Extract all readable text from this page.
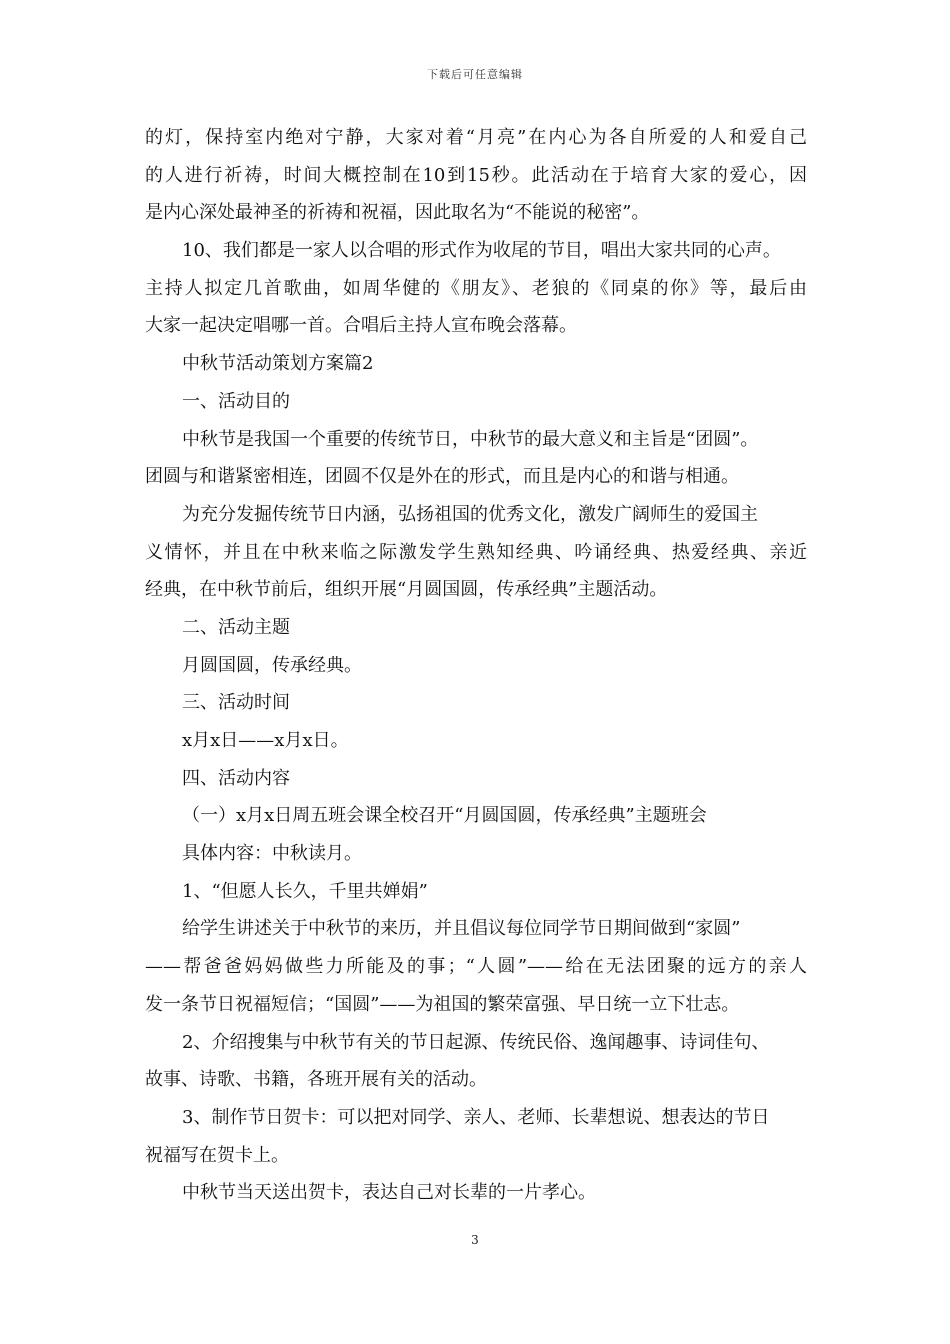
下载后可任意编辑
的灯，保持室内绝对宁静，大家对着“月亮”在内心为各自所爱的人和爱自己
的人进行祈祷，时间大概控制在10到15秒。此活动在于培育大家的爱心，因
是内心深处最神圣的祈祷和祝福，因此取名为“不能说的秘密”。
10、我们都是一家人以合唱的形式作为收尾的节目，唱出大家共同的心声。
主持人拟定几首歌曲，如周华健的《朋友》、老狼的《同桌的你》等，最后由
大家一起决定唱哪一首。合唱后主持人宣布晚会落幕。
中秋节活动策划方案篇2
一、活动目的
中秋节是我国一个重要的传统节日，中秋节的最大意义和主旨是“团圆”。
团圆与和谐紧密相连，团圆不仅是外在的形式，而且是内心的和谐与相通。
为充分发掘传统节日内涵，弘扬祖国的优秀文化，激发广阔师生的爱国主
义情怀，并且在中秋来临之际激发学生熟知经典、吟诵经典、热爱经典、亲近
经典，在中秋节前后，组织开展“月圆国圆，传承经典”主题活动。
二、活动主题
月圆国圆，传承经典。
三、活动时间
x月x日——x月x日。
四、活动内容
（一）x月x日周五班会课全校召开“月圆国圆，传承经典”主题班会
具体内容：中秋读月。
1、“但愿人长久，千里共婵娟”
给学生讲述关于中秋节的来历，并且倡议每位同学节日期间做到“家圆”
——帮爸爸妈妈做些力所能及的事；“人圆”——给在无法团聚的远方的亲人
发一条节日祝福短信；“国圆”——为祖国的繁荣富强、早日统一立下壮志。
2、介绍搜集与中秋节有关的节日起源、传统民俗、逸闻趣事、诗词佳句、
故事、诗歌、书籍，各班开展有关的活动。
3、制作节日贺卡：可以把对同学、亲人、老师、长辈想说、想表达的节日
祝福写在贺卡上。
中秋节当天送出贺卡，表达自己对长辈的一片孝心。
3
